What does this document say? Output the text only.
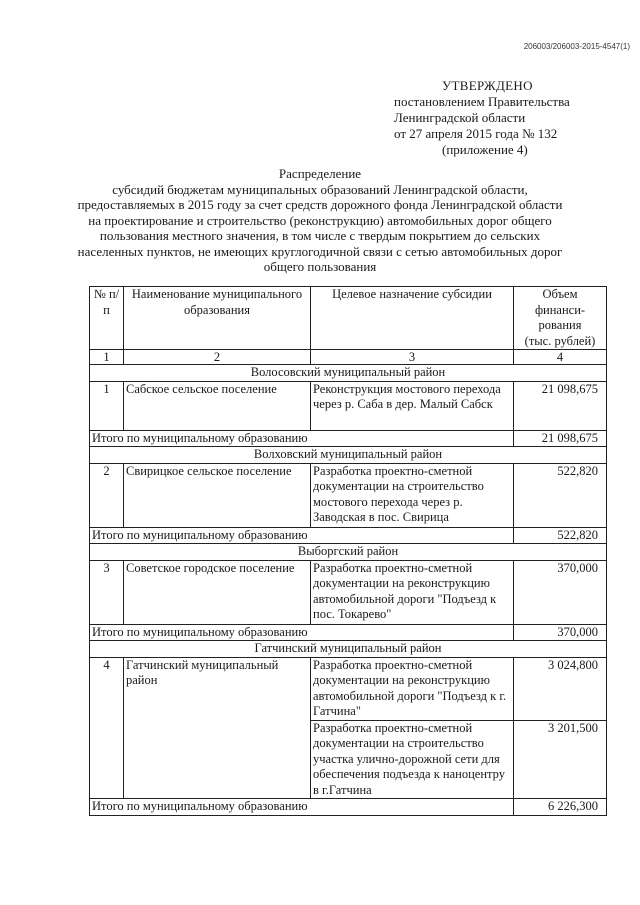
206003/206003-2015-4547(1)
УТВЕРЖДЕНО
постановлением Правительства
Ленинградской области
от 27 апреля 2015 года № 132
(приложение 4)
Распределение
субсидий бюджетам муниципальных образований Ленинградской области,
предоставляемых в 2015 году за счет средств дорожного фонда Ленинградской области
на проектирование и строительство (реконструкцию) автомобильных дорог общего
пользования местного значения, в том числе с твердым покрытием до сельских
населенных пунктов, не имеющих круглогодичной связи с сетью автомобильных дорог
общего пользования
№ п/п	Наименование муниципального образования	Целевое назначение субсидии	Объем финанси- рования (тыс. рублей)
1	2	3	4
Волосовский муниципальный район			
1	Сабское сельское поселение	Реконструкция мостового перехода через р. Саба в дер. Малый Сабск	21 098,675
Итого по муниципальному образованию			21 098,675
Волховский муниципальный район			
2	Свирицкое сельское поселение	Разработка проектно-сметной документации на строительство мостового перехода через р. Заводская в пос. Свирица	522,820
Итого по муниципальному образованию			522,820
Выборгский район			
3	Советское городское поселение	Разработка проектно-сметной документации на реконструкцию автомобильной дороги "Подъезд к пос. Токарево"	370,000
Итого по муниципальному образованию			370,000
Гатчинский муниципальный район			
4	Гатчинский муниципальный район	Разработка проектно-сметной документации на реконструкцию автомобильной дороги "Подъезд к г. Гатчина"	3 024,800
		Разработка проектно-сметной документации на строительство участка улично-дорожной сети для обеспечения подъезда к наноцентру в г.Гатчина	3 201,500
Итого по муниципальному образованию			6 226,300
